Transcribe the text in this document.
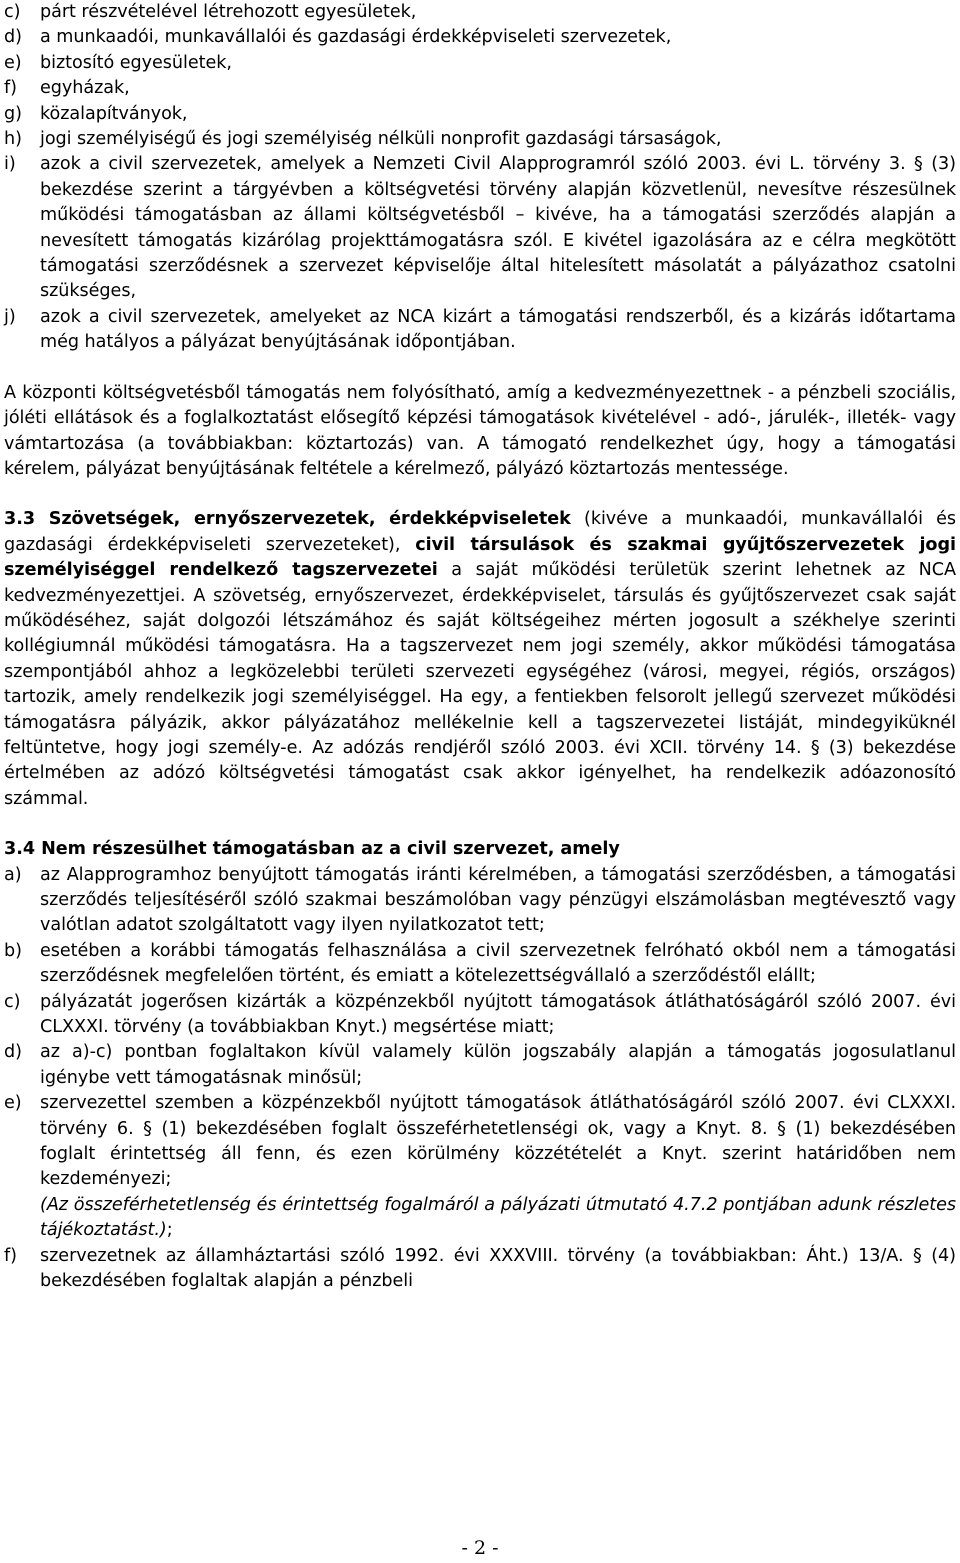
c)	párt részvételével létrehozott egyesületek,
d)	a munkaadói, munkavállalói és gazdasági érdekképviseleti szervezetek,
e)	biztosító egyesületek,
f)	egyházak,
g)	közalapítványok,
h)	jogi személyiségű és jogi személyiség nélküli nonprofit gazdasági társaságok,
i)	azok a civil szervezetek, amelyek a Nemzeti Civil Alapprogramról szóló 2003. évi L. törvény 3. § (3) bekezdése szerint a tárgyévben a költségvetési törvény alapján közvetlenül, nevesítve részesülnek működési támogatásban az állami költségvetésből – kivéve, ha a támogatási szerződés alapján a nevesített támogatás kizárólag projekttámogatásra szól. E kivétel igazolására az e célra megkötött támogatási szerződésnek a szervezet képviselője által hitelesített másolatát a pályázathoz csatolni szükséges,
j)	azok a civil szervezetek, amelyeket az NCA kizárt a támogatási rendszerből, és a kizárás időtartama még hatályos a pályázat benyújtásának időpontjában.

A központi költségvetésből támogatás nem folyósítható, amíg a kedvezményezettnek - a pénzbeli szociális, jóléti ellátások és a foglalkoztatást elősegítő képzési támogatások kivételével - adó-, járulék-, illeték- vagy vámtartozása (a továbbiakban: köztartozás) van. A támogató rendelkezhet úgy, hogy a támogatási kérelem, pályázat benyújtásának feltétele a kérelmező, pályázó köztartozás mentessége.

3.3 Szövetségek, ernyőszervezetek, érdekképviseletek (kivéve a munkaadói, munkavállalói és gazdasági érdekképviseleti szervezeteket), civil társulások és szakmai gyűjtőszervezetek jogi személyiséggel rendelkező tagszervezetei a saját működési területük szerint lehetnek az NCA kedvezményezettjei. A szövetség, ernyőszervezet, érdekképviselet, társulás és gyűjtőszervezet csak saját működéséhez, saját dolgozói létszámához és saját költségeihez mérten jogosult a székhelye szerinti kollégiumnál működési támogatásra. Ha a tagszervezet nem jogi személy, akkor működési támogatása szempontjából ahhoz a legközelebbi területi szervezeti egységéhez (városi, megyei, régiós, országos) tartozik, amely rendelkezik jogi személyiséggel. Ha egy, a fentiekben felsorolt jellegű szervezet működési támogatásra pályázik, akkor pályázatához mellékelnie kell a tagszervezetei listáját, mindegyiküknél feltüntetve, hogy jogi személy-e. Az adózás rendjéről szóló 2003. évi XCII. törvény 14. § (3) bekezdése értelmében az adózó költségvetési támogatást csak akkor igényelhet, ha rendelkezik adóazonosító számmal.

3.4 Nem részesülhet támogatásban az a civil szervezet, amely

a)	az Alapprogramhoz benyújtott támogatás iránti kérelmében, a támogatási szerződésben, a támogatási szerződés teljesítéséről szóló szakmai beszámolóban vagy pénzügyi elszámolásban megtévesztő vagy valótlan adatot szolgáltatott vagy ilyen nyilatkozatot tett;
b)	esetében a korábbi támogatás felhasználása a civil szervezetnek felróható okból nem a támogatási szerződésnek megfelelően történt, és emiatt a kötelezettségvállaló a szerződéstől elállt;
c)	pályázatát jogerősen kizárták a közpénzekből nyújtott támogatások átláthatóságáról szóló 2007. évi CLXXXI. törvény (a továbbiakban Knyt.) megsértése miatt;
d)	az a)-c) pontban foglaltakon kívül valamely külön jogszabály alapján a támogatás jogosulatlanul igénybe vett támogatásnak minősül;
e)	szervezettel szemben a közpénzekből nyújtott támogatások átláthatóságáról szóló 2007. évi CLXXXI. törvény 6. § (1) bekezdésében foglalt összeférhetetlenségi ok, vagy a Knyt. 8. § (1) bekezdésében foglalt érintettség áll fenn, és ezen körülmény közzétételét a Knyt. szerint határidőben nem kezdeményezi;
(Az összeférhetetlenség és érintettség fogalmáról a pályázati útmutató 4.7.2 pontjában adunk részletes tájékoztatást.);
f)	szervezetnek az államháztartási szóló 1992. évi XXXVIII. törvény (a továbbiakban: Áht.) 13/A. § (4) bekezdésében foglaltak alapján a pénzbeli
- 2 -
